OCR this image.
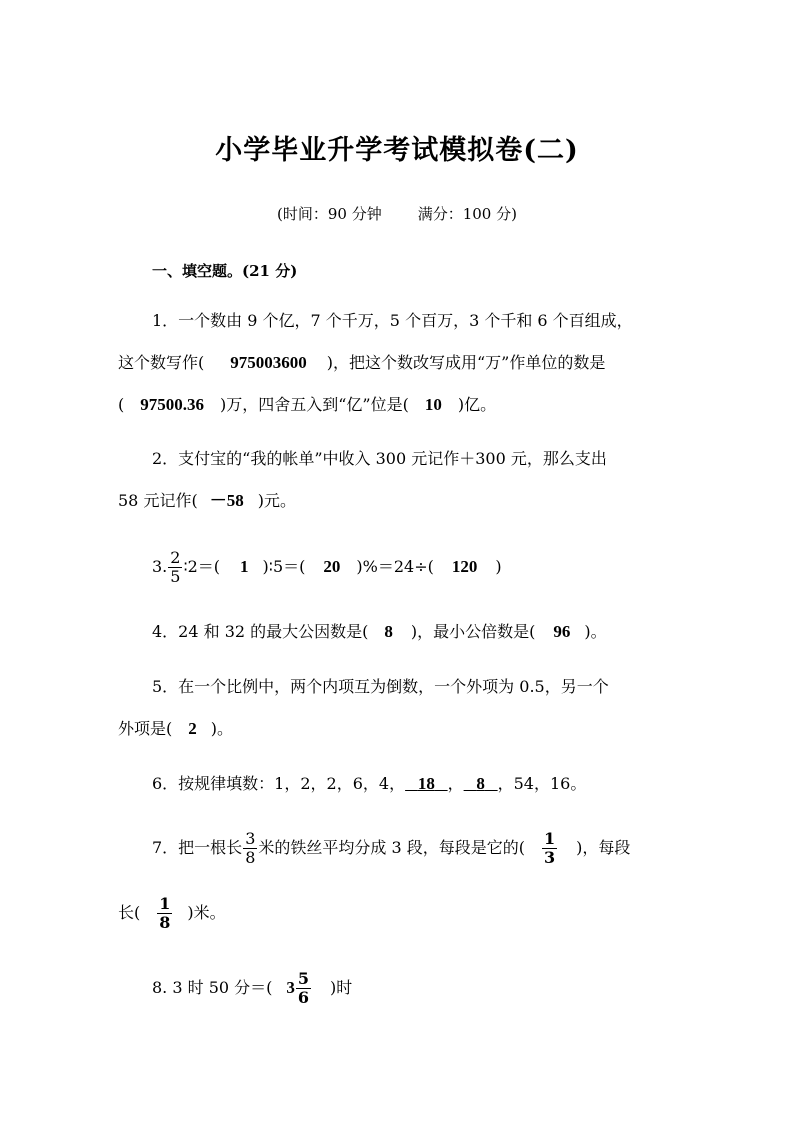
小学毕业升学考试模拟卷(二)
(时间：90 分钟 满分：100 分)
一、填空题。(21 分)
1．一个数由 9 个亿，7 个千万，5 个百万，3 个千和 6 个百组成，
这个数写作( 975003600 )，把这个数改写成用“万”作单位的数是
( 97500.36 )万，四舍五入到“亿”位是( 10 )亿。
2．支付宝的“我的帐单”中收入 300 元记作＋300 元，那么支出
58 元记作( －58 )元。
3. $\frac{2}{5}$ ∶2＝( 1 )∶5＝( 20 )%＝24÷( 120 )
4．24 和 32 的最大公因数是( 8 )，最小公倍数是( 96 )。
5．在一个比例中，两个内项互为倒数，一个外项为 0.5，另一个
外项是( 2 )。
6．按规律填数：1，2，2，6，4， 18 ， 8 ，54，16。
7．把一根长 $\frac{3}{8}$ 米的铁丝平均分成 3 段，每段是它的( $\frac{1}{3}$ )，每段
长( $\frac{1}{8}$ )米。
8. 3 时 50 分＝( $3 \frac{5}{6}$ )时
